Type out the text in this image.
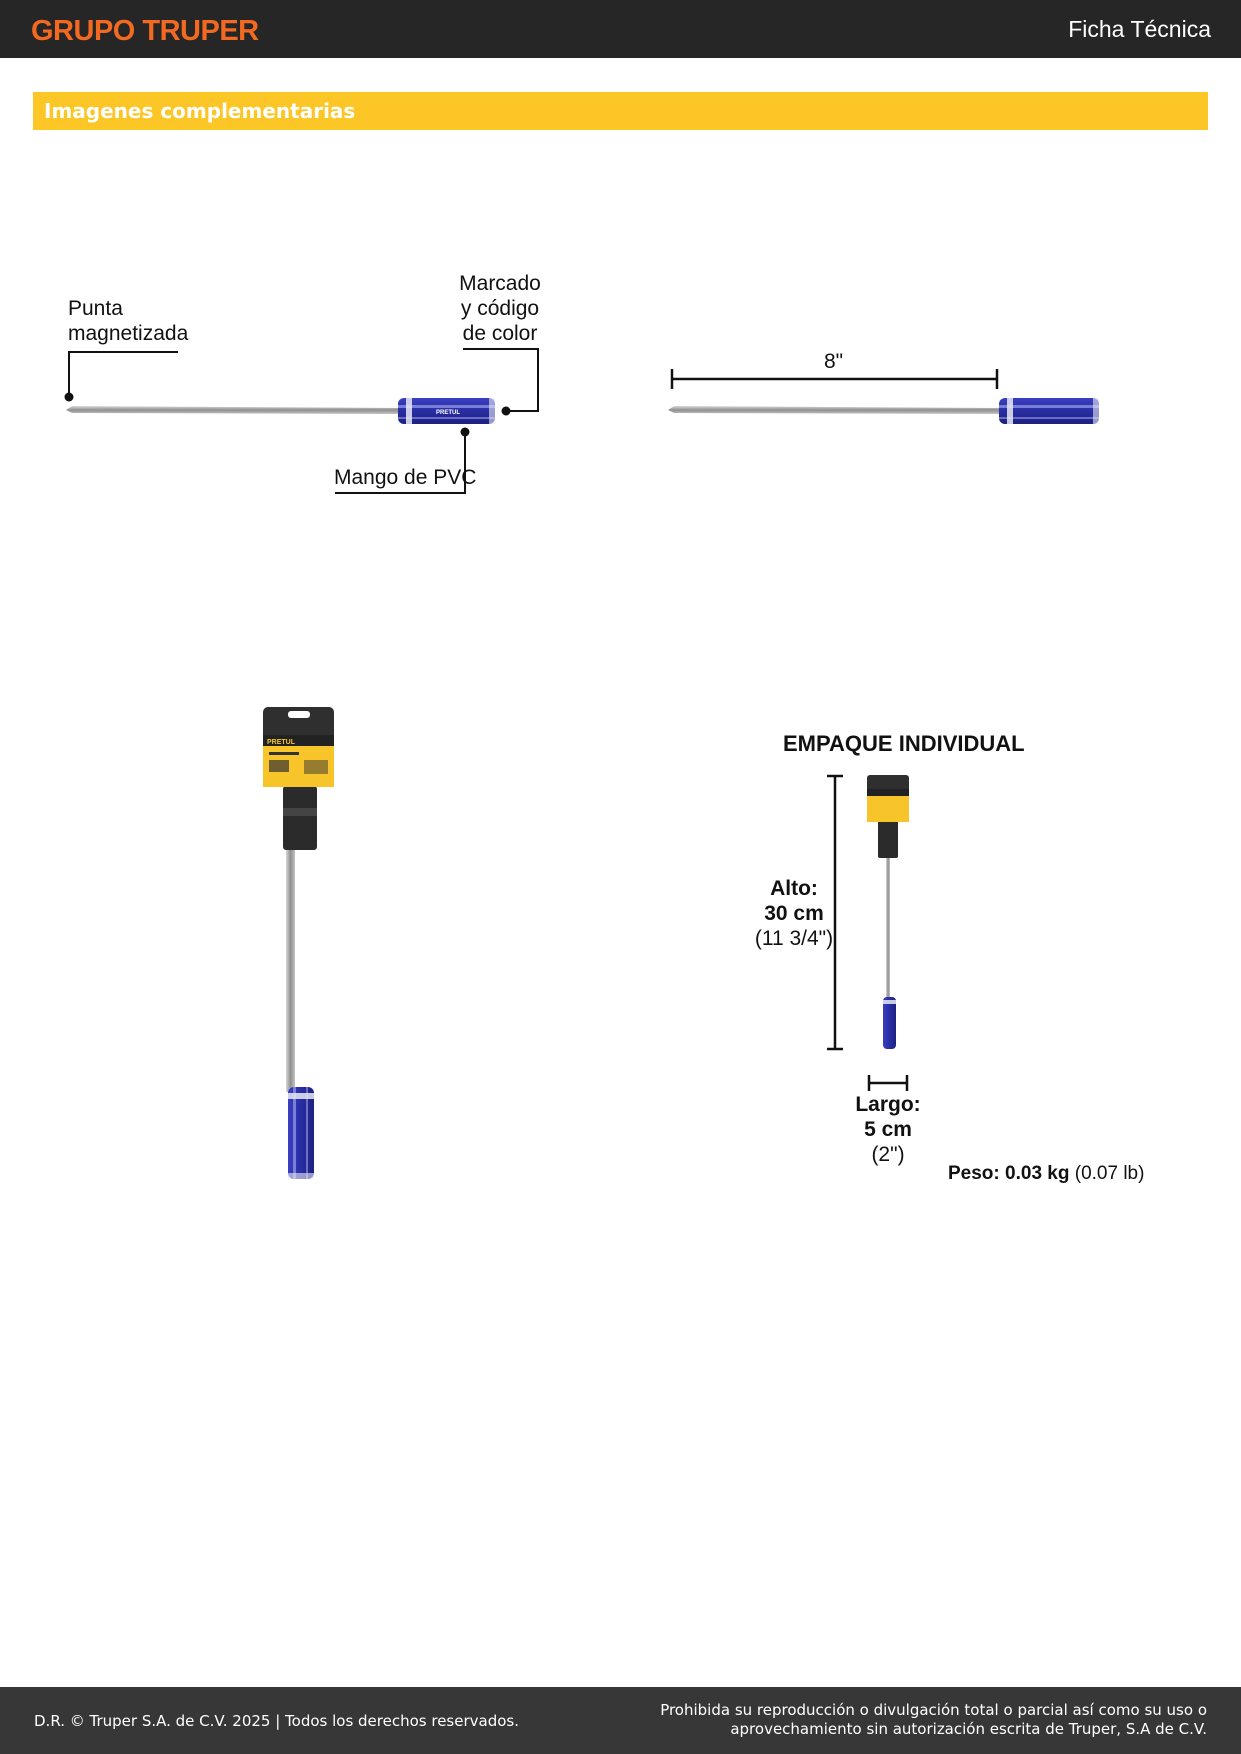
GRUPO TRUPER	Ficha Técnica
Imagenes complementarias
PRETUL
PRETUL
Punta
magnetizada
Marcado
y código
de color
Mango de PVC
8"
EMPAQUE INDIVIDUAL
Alto:
30 cm
(11 3/4")
Largo:
5 cm
(2")
Peso: 0.03 kg (0.07 lb)
D.R. © Truper S.A. de C.V. 2025 | Todos los derechos reservados.
Prohibida su reproducción o divulgación total o parcial así como su uso o
aprovechamiento sin autorización escrita de Truper, S.A de C.V.
